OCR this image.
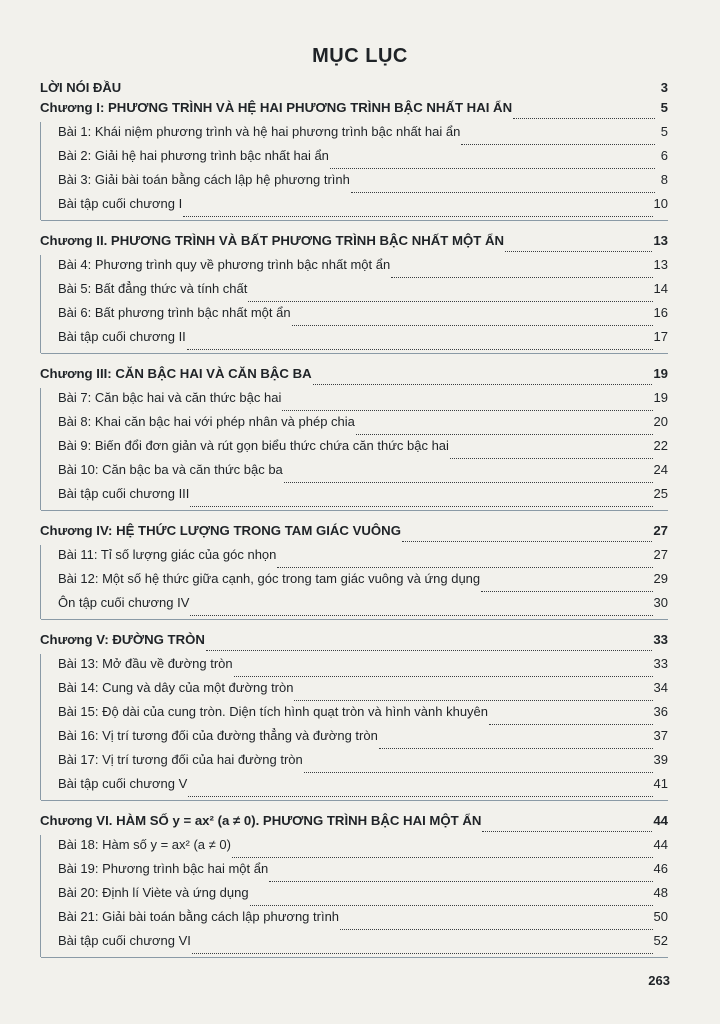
MỤC LỤC
LỜI NÓI ĐẦU	3
Chương I: PHƯƠNG TRÌNH VÀ HỆ HAI PHƯƠNG TRÌNH BẬC NHẤT HAI ẨN	5
Bài 1: Khái niệm phương trình và hệ hai phương trình bậc nhất hai ẩn	5
Bài 2: Giải hệ hai phương trình bậc nhất hai ẩn	6
Bài 3: Giải bài toán bằng cách lập hệ phương trình	8
Bài tập cuối chương I	10
Chương II. PHƯƠNG TRÌNH VÀ BẤT PHƯƠNG TRÌNH BẬC NHẤT MỘT ẨN	13
Bài 4: Phương trình quy về phương trình bậc nhất một ẩn	13
Bài 5: Bất đẳng thức và tính chất	14
Bài 6: Bất phương trình bậc nhất một ẩn	16
Bài tập cuối chương II	17
Chương III: CĂN BẬC HAI VÀ CĂN BẬC BA	19
Bài 7: Căn bậc hai và căn thức bậc hai	19
Bài 8: Khai căn bậc hai với phép nhân và phép chia	20
Bài 9: Biến đổi đơn giản và rút gọn biểu thức chứa căn thức bậc hai	22
Bài 10: Căn bậc ba và căn thức bậc ba	24
Bài tập cuối chương III	25
Chương IV: HỆ THỨC LƯỢNG TRONG TAM GIÁC VUÔNG	27
Bài 11: Tỉ số lượng giác của góc nhọn	27
Bài 12: Một số hệ thức giữa cạnh, góc trong tam giác vuông và ứng dụng	29
Ôn tập cuối chương IV	30
Chương V: ĐƯỜNG TRÒN	33
Bài 13: Mở đầu về đường tròn	33
Bài 14: Cung và dây của một đường tròn	34
Bài 15: Độ dài của cung tròn. Diện tích hình quạt tròn và hình vành khuyên	36
Bài 16: Vị trí tương đối của đường thẳng và đường tròn	37
Bài 17: Vị trí tương đối của hai đường tròn	39
Bài tập cuối chương V	41
Chương VI. HÀM SỐ y = ax² (a ≠ 0). PHƯƠNG TRÌNH BẬC HAI MỘT ẨN	44
Bài 18: Hàm số y = ax² (a ≠ 0)	44
Bài 19: Phương trình bậc hai một ẩn	46
Bài 20: Định lí Viète và ứng dụng	48
Bài 21: Giải bài toán bằng cách lập phương trình	50
Bài tập cuối chương VI	52
263
